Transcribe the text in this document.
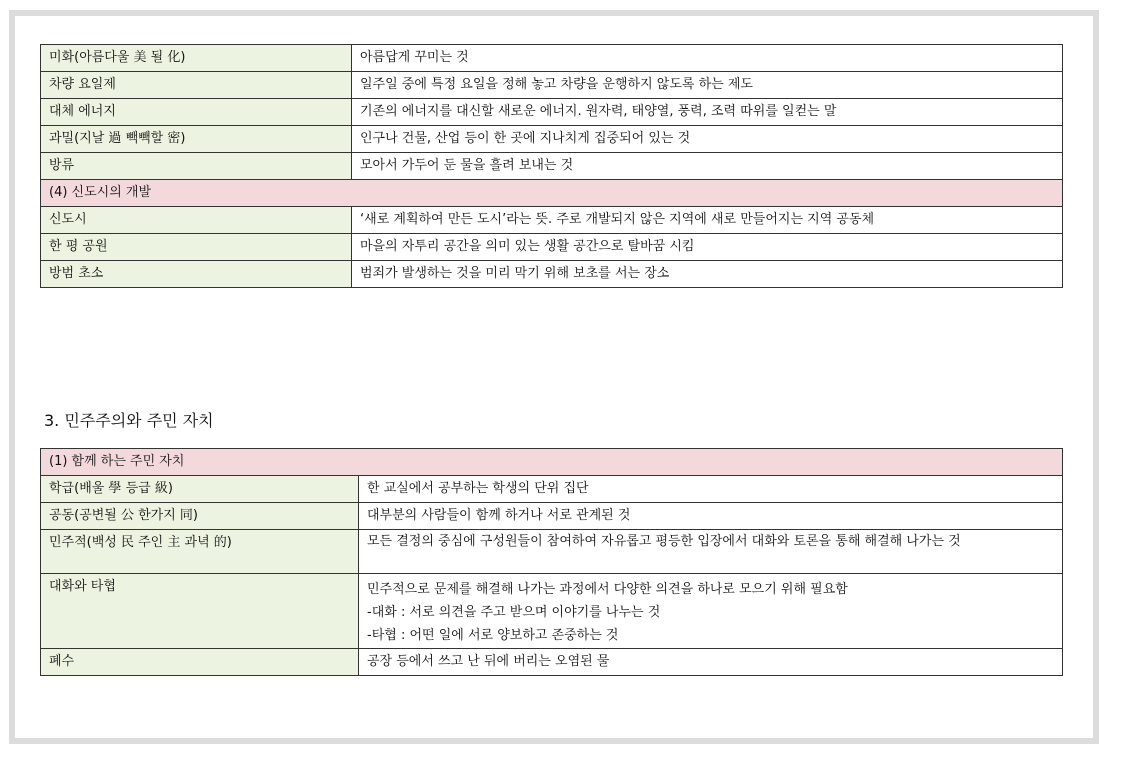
미화(아름다울 美 될 化)	아름답게 꾸미는 것
차량 요일제	일주일 중에 특정 요일을 정해 놓고 차량을 운행하지 않도록 하는 제도
대체 에너지	기존의 에너지를 대신할 새로운 에너지. 원자력, 태양열, 풍력, 조력 따위를 일컫는 말
과밀(지날 過 빽빽할 密)	인구나 건물, 산업 등이 한 곳에 지나치게 집중되어 있는 것
방류	모아서 가두어 둔 물을 흘려 보내는 것
(4) 신도시의 개발	
신도시	‘새로 계획하여 만든 도시’라는 뜻. 주로 개발되지 않은 지역에 새로 만들어지는 지역 공동체
한 평 공원	마을의 자투리 공간을 의미 있는 생활 공간으로 탈바꿈 시킴
방범 초소	범죄가 발생하는 것을 미리 막기 위해 보초를 서는 장소
3. 민주주의와 주민 자치
(1) 함께 하는 주민 자치	
학급(배울 學 등급 級)	한 교실에서 공부하는 학생의 단위 집단
공동(공변될 公 한가지 同)	대부분의 사람들이 함께 하거나 서로 관계된 것
민주적(백성 民 주인 主 과녁 的)	모든 결정의 중심에 구성원들이 참여하여 자유롭고 평등한 입장에서 대화와 토론을 통해 해결해 나가는 것

대화와 타협	민주적으로 문제를 해결해 나가는 과정에서 다양한 의견을 하나로 모으기 위해 필요함
-대화 : 서로 의견을 주고 받으며 이야기를 나누는 것
-타협 : 어떤 일에 서로 양보하고 존중하는 것

폐수	공장 등에서 쓰고 난 뒤에 버리는 오염된 물
